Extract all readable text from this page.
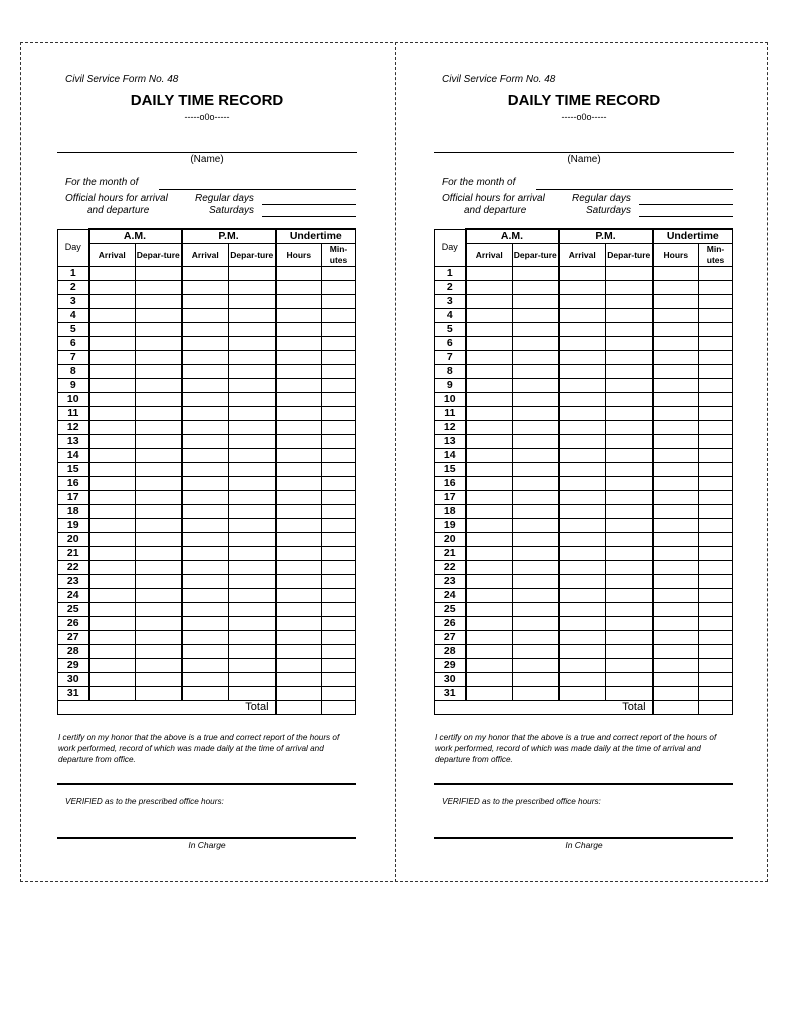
Civil Service Form No. 48
DAILY TIME RECORD
-----o0o-----
(Name)
For the month of
Official hours for arrival
and departure
Regular days
Saturdays
Day	A.M.		P.M.		Undertime	
	Arrival	Depar-ture	Arrival	Depar-ture	Hours	Min-utes
1						
2						
3						
4						
5						
6						
7						
8						
9						
10						
11						
12						
13						
14						
15						
16						
17						
18						
19						
20						
21						
22						
23						
24						
25						
26						
27						
28						
29						
30						
31						
Total						
I certify on my honor that the above is a true and correct report of the hours of work performed, record of which was made daily at the time of arrival and departure from office.
VERIFIED as to the prescribed office hours:
In Charge
Civil Service Form No. 48
DAILY TIME RECORD
-----o0o-----
(Name)
For the month of
Official hours for arrival
and departure
Regular days
Saturdays
Day	A.M.		P.M.		Undertime	
	Arrival	Depar-ture	Arrival	Depar-ture	Hours	Min-utes
1						
2						
3						
4						
5						
6						
7						
8						
9						
10						
11						
12						
13						
14						
15						
16						
17						
18						
19						
20						
21						
22						
23						
24						
25						
26						
27						
28						
29						
30						
31						
Total						
I certify on my honor that the above is a true and correct report of the hours of work performed, record of which was made daily at the time of arrival and departure from office.
VERIFIED as to the prescribed office hours:
In Charge
